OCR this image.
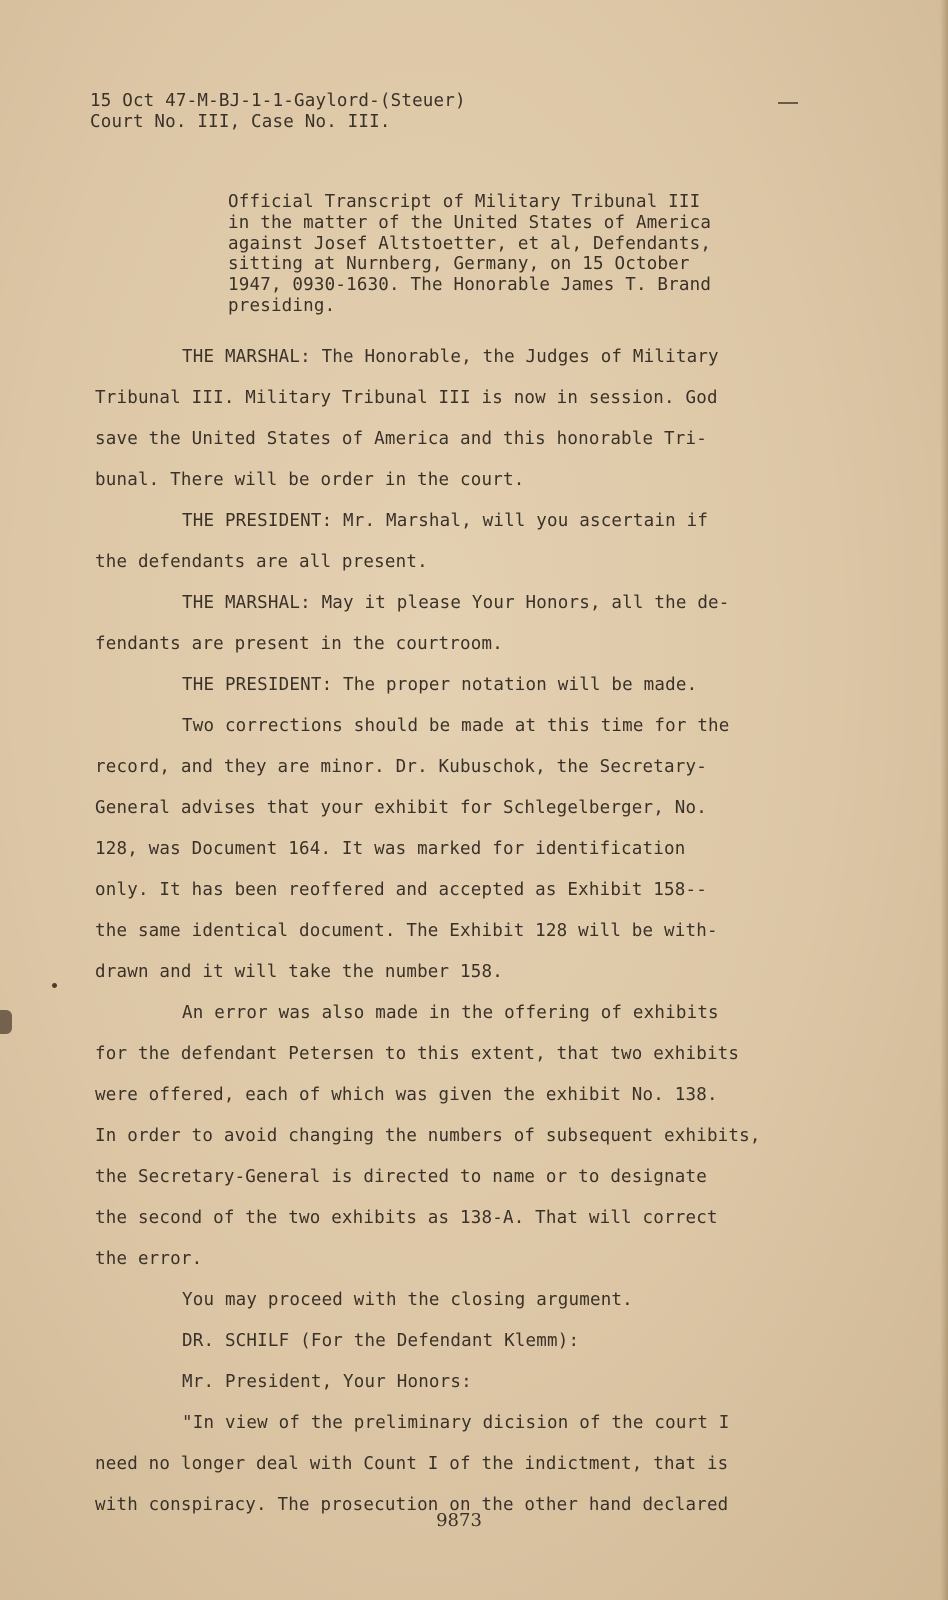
15 Oct 47-M-BJ-1-1-Gaylord-(Steuer)
Court No. III, Case No. III.
Official Transcript of Military Tribunal III
in the matter of the United States of America
against Josef Altstoetter, et al, Defendants,
sitting at Nurnberg, Germany, on 15 October
1947, 0930-1630. The Honorable James T. Brand
presiding.
THE MARSHAL: The Honorable, the Judges of Military
Tribunal III. Military Tribunal III is now in session. God
save the United States of America and this honorable Tri-
bunal. There will be order in the court.
THE PRESIDENT: Mr. Marshal, will you ascertain if
the defendants are all present.
THE MARSHAL: May it please Your Honors, all the de-
fendants are present in the courtroom.
THE PRESIDENT: The proper notation will be made.
Two corrections should be made at this time for the
record, and they are minor. Dr. Kubuschok, the Secretary-
General advises that your exhibit for Schlegelberger, No.
128, was Document 164. It was marked for identification
only. It has been reoffered and accepted as Exhibit 158--
the same identical document. The Exhibit 128 will be with-
drawn and it will take the number 158.
An error was also made in the offering of exhibits
for the defendant Petersen to this extent, that two exhibits
were offered, each of which was given the exhibit No. 138.
In order to avoid changing the numbers of subsequent exhibits,
the Secretary-General is directed to name or to designate
the second of the two exhibits as 138-A. That will correct
the error.
You may proceed with the closing argument.
DR. SCHILF (For the Defendant Klemm):
Mr. President, Your Honors:
"In view of the preliminary dicision of the court I
need no longer deal with Count I of the indictment, that is
with conspiracy. The prosecution on the other hand declared
9873
